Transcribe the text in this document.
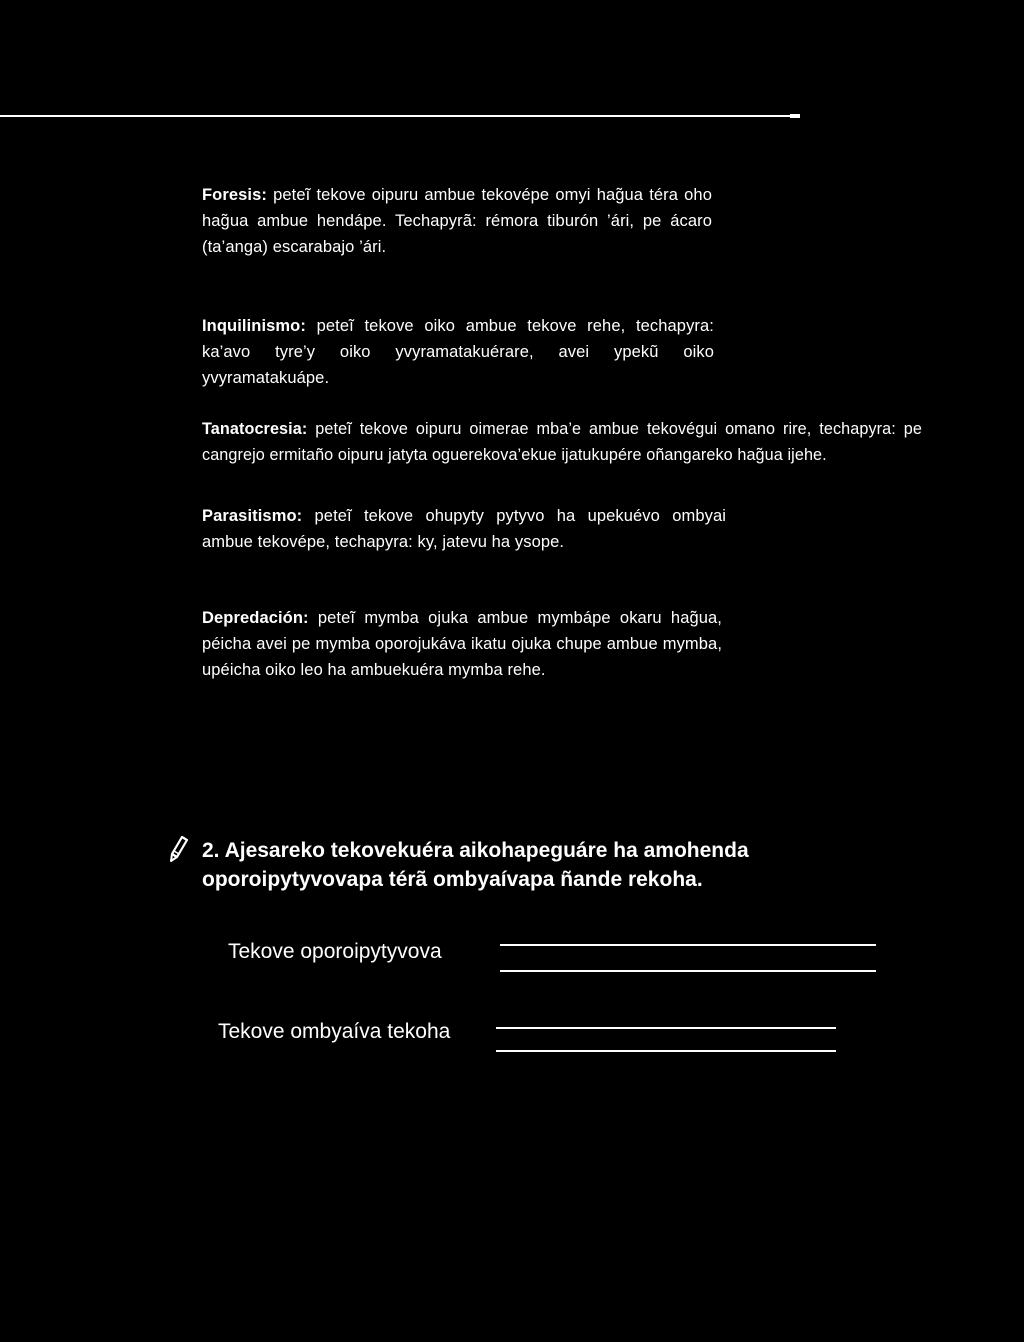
Foresis: peteĩ tekove oipuru ambue tekovépe omyi hag̃ua téra oho hag̃ua ambue hendápe. Techapyrã: rémora tiburón ’ári, pe ácaro (ta’anga) escarabajo ’ári.
Inquilinismo: peteĩ tekove oiko ambue tekove rehe, techapyra: ka’avo tyre’y oiko yvyramatakuérare, avei ypekũ oiko yvyramatakuápe.
Tanatocresia: peteĩ tekove oipuru oimerae mba’e ambue tekovégui omano rire, techapyra: pe cangrejo ermitaño oipuru jatyta oguerekova’ekue ijatukupére oñangareko hag̃ua ijehe.
Parasitismo: peteĩ tekove ohupyty pytyvo ha upekuévo ombyai ambue tekovépe, techapyra: ky, jatevu ha ysope.
Depredación: peteĩ mymba ojuka ambue mymbápe okaru hag̃ua, péicha avei pe mymba oporojukáva ikatu ojuka chupe ambue mymba, upéicha oiko leo ha ambuekuéra mymba rehe.
2. Ajesareko tekovekuéra aikohapeguáre ha amohenda oporoipytyvovapa térã ombyaívapa ñande rekoha.
Tekove oporoipytyvova
Tekove ombyaíva tekoha
